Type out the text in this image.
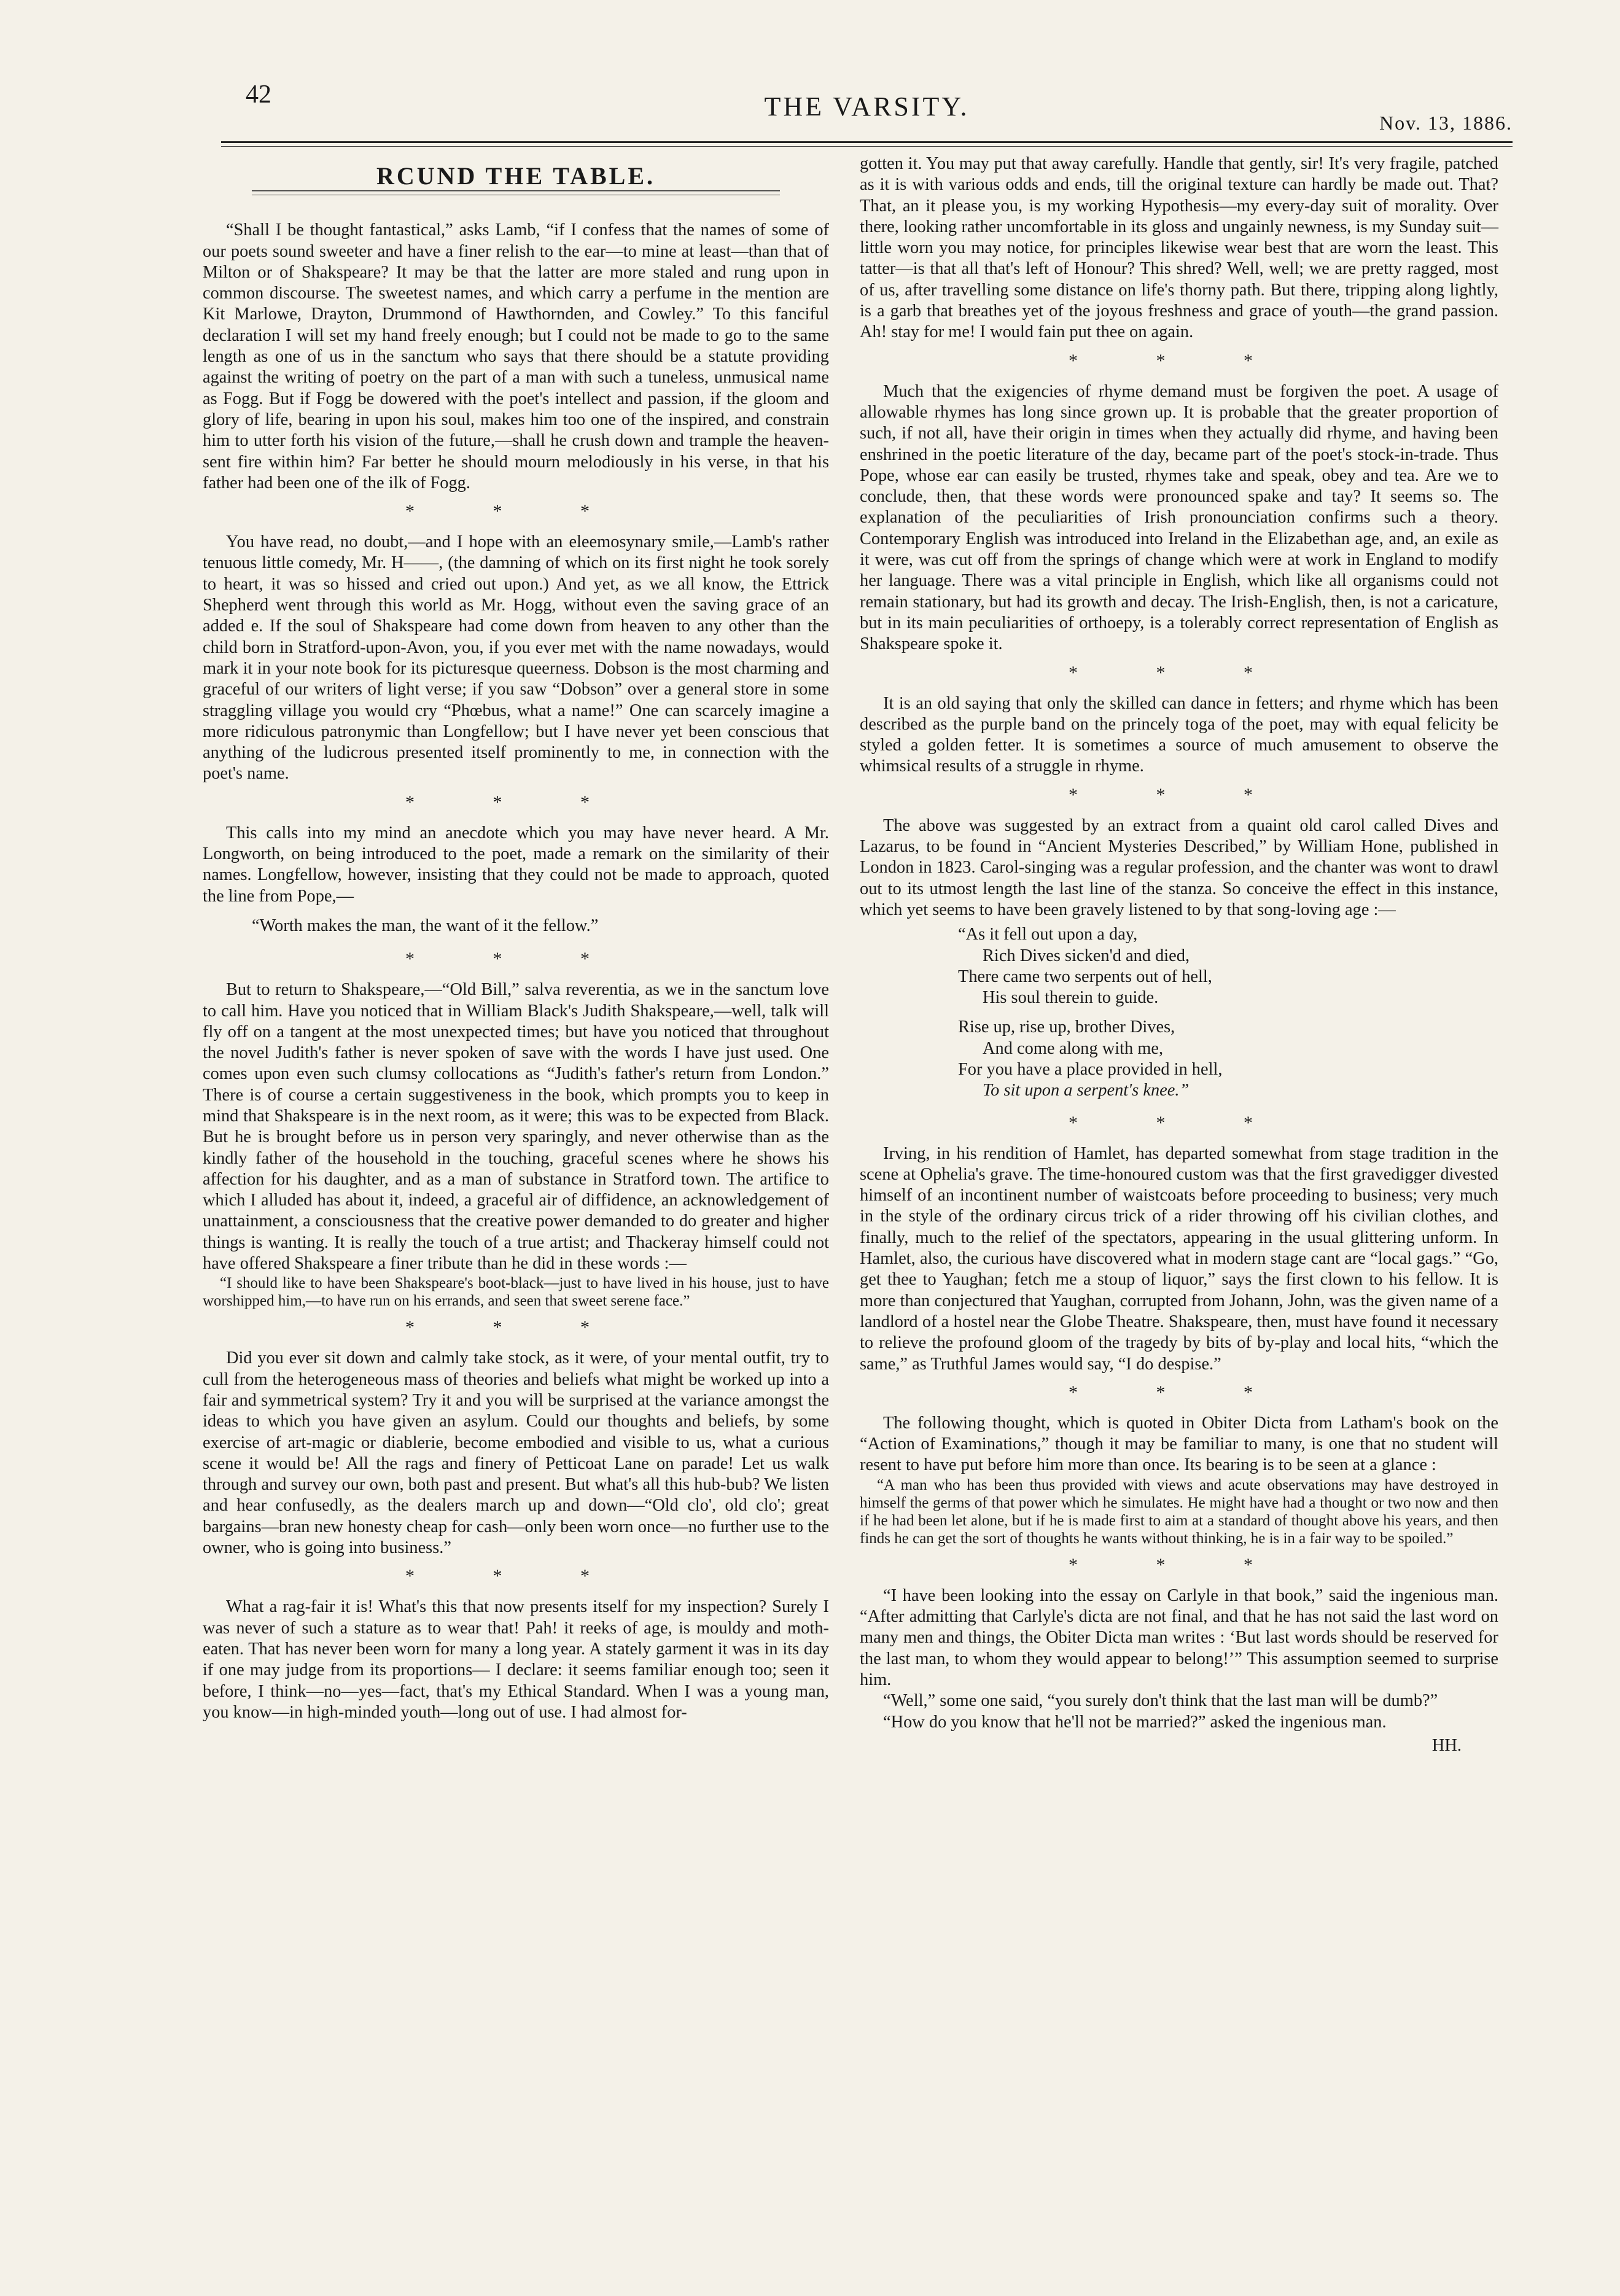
42	THE VARSITY.
Nov. 13, 1886.
RCUND THE TABLE.

“Shall I be thought fantastical,” asks Lamb, “if I confess that the names of some of our poets sound sweeter and have a finer relish to the ear—to mine at least—than that of Milton or of Shakspeare? It may be that the latter are more staled and rung upon in common discourse. The sweetest names, and which carry a perfume in the mention are Kit Marlowe, Drayton, Drummond of Hawthornden, and Cowley.” To this fanciful declaration I will set my hand freely enough; but I could not be made to go to the same length as one of us in the sanctum who says that there should be a statute providing against the writing of poetry on the part of a man with such a tuneless, unmusical name as Fogg. But if Fogg be dowered with the poet's intellect and passion, if the gloom and glory of life, bearing in upon his soul, makes him too one of the inspired, and constrain him to utter forth his vision of the future,—shall he crush down and trample the heaven-sent fire within him? Far better he should mourn melodiously in his verse, in that his father had been one of the ilk of Fogg.

* * *

You have read, no doubt,—and I hope with an eleemosynary smile,—Lamb's rather tenuous little comedy, Mr. H——, (the damning of which on its first night he took sorely to heart, it was so hissed and cried out upon.) And yet, as we all know, the Ettrick Shepherd went through this world as Mr. Hogg, without even the saving grace of an added e. If the soul of Shakspeare had come down from heaven to any other than the child born in Stratford-upon-Avon, you, if you ever met with the name nowadays, would mark it in your note book for its picturesque queerness. Dobson is the most charming and graceful of our writers of light verse; if you saw “Dobson” over a general store in some straggling village you would cry “Phœbus, what a name!” One can scarcely imagine a more ridiculous patronymic than Longfellow; but I have never yet been conscious that anything of the ludicrous presented itself prominently to me, in connection with the poet's name.

* * *

This calls into my mind an anecdote which you may have never heard. A Mr. Longworth, on being introduced to the poet, made a remark on the similarity of their names. Longfellow, however, insisting that they could not be made to approach, quoted the line from Pope,—

“Worth makes the man, the want of it the fellow.”

* * *

But to return to Shakspeare,—“Old Bill,” salva reverentia, as we in the sanctum love to call him. Have you noticed that in William Black's Judith Shakspeare,—well, talk will fly off on a tangent at the most unexpected times; but have you noticed that throughout the novel Judith's father is never spoken of save with the words I have just used. One comes upon even such clumsy collocations as “Judith's father's return from London.” There is of course a certain suggestiveness in the book, which prompts you to keep in mind that Shakspeare is in the next room, as it were; this was to be expected from Black. But he is brought before us in person very sparingly, and never otherwise than as the kindly father of the household in the touching, graceful scenes where he shows his affection for his daughter, and as a man of substance in Stratford town. The artifice to which I alluded has about it, indeed, a graceful air of diffidence, an acknowledgement of unattainment, a consciousness that the creative power demanded to do greater and higher things is wanting. It is really the touch of a true artist; and Thackeray himself could not have offered Shakspeare a finer tribute than he did in these words :—

“I should like to have been Shakspeare's boot-black—just to have lived in his house, just to have worshipped him,—to have run on his errands, and seen that sweet serene face.”

* * *

Did you ever sit down and calmly take stock, as it were, of your mental outfit, try to cull from the heterogeneous mass of theories and beliefs what might be worked up into a fair and symmetrical system? Try it and you will be surprised at the variance amongst the ideas to which you have given an asylum. Could our thoughts and beliefs, by some exercise of art-magic or diablerie, become embodied and visible to us, what a curious scene it would be! All the rags and finery of Petticoat Lane on parade! Let us walk through and survey our own, both past and present. But what's all this hub-bub? We listen and hear confusedly, as the dealers march up and down—“Old clo', old clo'; great bargains—bran new honesty cheap for cash—only been worn once—no further use to the owner, who is going into business.”

* * *

What a rag-fair it is! What's this that now presents itself for my inspection? Surely I was never of such a stature as to wear that! Pah! it reeks of age, is mouldy and moth-eaten. That has never been worn for many a long year. A stately garment it was in its day if one may judge from its proportions— I declare: it seems familiar enough too; seen it before, I think—no—yes—fact, that's my Ethical Standard. When I was a young man, you know—in high-minded youth—long out of use. I had almost for-

gotten it. You may put that away carefully. Handle that gently, sir! It's very fragile, patched as it is with various odds and ends, till the original texture can hardly be made out. That? That, an it please you, is my working Hypothesis—my every-day suit of morality. Over there, looking rather uncomfortable in its gloss and ungainly newness, is my Sunday suit—little worn you may notice, for principles likewise wear best that are worn the least. This tatter—is that all that's left of Honour? This shred? Well, well; we are pretty ragged, most of us, after travelling some distance on life's thorny path. But there, tripping along lightly, is a garb that breathes yet of the joyous freshness and grace of youth—the grand passion. Ah! stay for me! I would fain put thee on again.

* * *

Much that the exigencies of rhyme demand must be forgiven the poet. A usage of allowable rhymes has long since grown up. It is probable that the greater proportion of such, if not all, have their origin in times when they actually did rhyme, and having been enshrined in the poetic literature of the day, became part of the poet's stock-in-trade. Thus Pope, whose ear can easily be trusted, rhymes take and speak, obey and tea. Are we to conclude, then, that these words were pronounced spake and tay? It seems so. The explanation of the peculiarities of Irish pronounciation confirms such a theory. Contemporary English was introduced into Ireland in the Elizabethan age, and, an exile as it were, was cut off from the springs of change which were at work in England to modify her language. There was a vital principle in English, which like all organisms could not remain stationary, but had its growth and decay. The Irish-English, then, is not a caricature, but in its main peculiarities of orthoepy, is a tolerably correct representation of English as Shakspeare spoke it.

* * *

It is an old saying that only the skilled can dance in fetters; and rhyme which has been described as the purple band on the princely toga of the poet, may with equal felicity be styled a golden fetter. It is sometimes a source of much amusement to observe the whimsical results of a struggle in rhyme.

* * *

The above was suggested by an extract from a quaint old carol called Dives and Lazarus, to be found in “Ancient Mysteries Described,” by William Hone, published in London in 1823. Carol-singing was a regular profession, and the chanter was wont to drawl out to its utmost length the last line of the stanza. So conceive the effect in this instance, which yet seems to have been gravely listened to by that song-loving age :—

“As it fell out upon a day,
Rich Dives sicken'd and died,
There came two serpents out of hell,
His soul therein to guide.
Rise up, rise up, brother Dives,
And come along with me,
For you have a place provided in hell,
To sit upon a serpent's knee.”
* * *

Irving, in his rendition of Hamlet, has departed somewhat from stage tradition in the scene at Ophelia's grave. The time-honoured custom was that the first gravedigger divested himself of an incontinent number of waistcoats before proceeding to business; very much in the style of the ordinary circus trick of a rider throwing off his civilian clothes, and finally, much to the relief of the spectators, appearing in the usual glittering unform. In Hamlet, also, the curious have discovered what in modern stage cant are “local gags.” “Go, get thee to Yaughan; fetch me a stoup of liquor,” says the first clown to his fellow. It is more than conjectured that Yaughan, corrupted from Johann, John, was the given name of a landlord of a hostel near the Globe Theatre. Shakspeare, then, must have found it necessary to relieve the profound gloom of the tragedy by bits of by-play and local hits, “which the same,” as Truthful James would say, “I do despise.”

* * *

The following thought, which is quoted in Obiter Dicta from Latham's book on the “Action of Examinations,” though it may be familiar to many, is one that no student will resent to have put before him more than once. Its bearing is to be seen at a glance :

“A man who has been thus provided with views and acute observations may have destroyed in himself the germs of that power which he simulates. He might have had a thought or two now and then if he had been let alone, but if he is made first to aim at a standard of thought above his years, and then finds he can get the sort of thoughts he wants without thinking, he is in a fair way to be spoiled.”

* * *

“I have been looking into the essay on Carlyle in that book,” said the ingenious man. “After admitting that Carlyle's dicta are not final, and that he has not said the last word on many men and things, the Obiter Dicta man writes : ‘But last words should be reserved for the last man, to whom they would appear to belong!’” This assumption seemed to surprise him.

“Well,” some one said, “you surely don't think that the last man will be dumb?”

“How do you know that he'll not be married?” asked the ingenious man.

HH.
